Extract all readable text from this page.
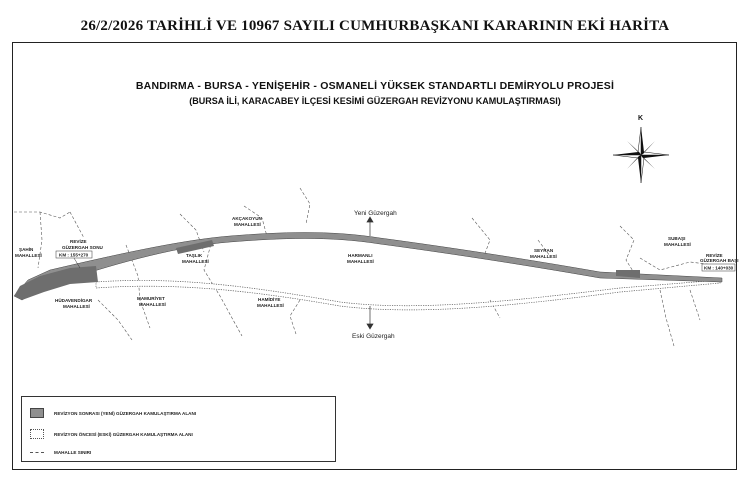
26/2/2026 TARİHLİ VE 10967 SAYILI CUMHURBAŞKANI KARARININ EKİ HARİTA
BANDIRMA - BURSA - YENİŞEHİR - OSMANELİ YÜKSEK STANDARTLI DEMİRYOLU PROJESİ
(BURSA İLİ, KARACABEY İLÇESİ KESİMİ GÜZERGAH REVİZYONU KAMULAŞTIRMASI)
Yeni Güzergah
Eski Güzergah
ŞAHİN
MAHALLESİ
HÜDAVENDİGAR
MAHALLESİ
AKÇAKOYUN
MAHALLESİ
TAŞLIK
MAHALLESİ
MAMURİYET
MAHALLESİ
HAMİDİYE
MAHALLESİ
HARMANLI
MAHALLESİ
SEYRAN
MAHALLESİ
SUBAŞI
MAHALLESİ
REVİZE
GÜZERGAH SONU
KM : 155+270	REVİZE
GÜZERGAH BAŞI
KM : 140+030
K
REVİZYON SONRASI (YENİ) GÜZERGAH KAMULAŞTIRMA ALANI
REVİZYON ÖNCESİ (ESKİ) GÜZERGAH KAMULAŞTIRMA ALANI
MAHALLE SINIRI
